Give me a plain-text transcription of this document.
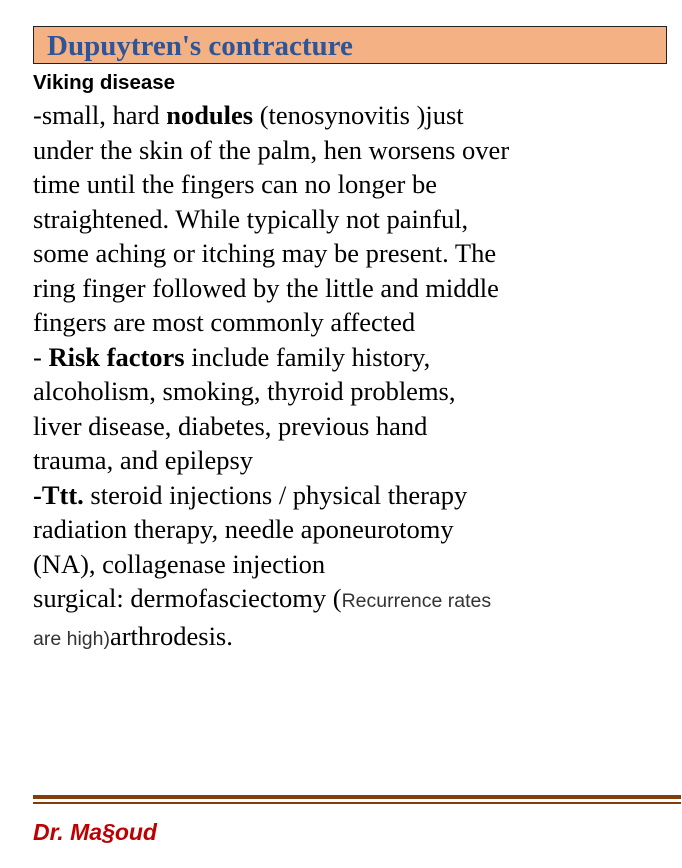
Dupuytren's contracture
Viking disease
-small, hard nodules (tenosynovitis )just
under the skin of the palm, hen worsens over
time until the fingers can no longer be
straightened. While typically not painful,
some aching or itching may be present. The
ring finger followed by the little and middle
fingers are most commonly affected
- Risk factors include family history,
alcoholism, smoking, thyroid problems,
liver disease, diabetes, previous hand
trauma, and epilepsy
-Ttt. steroid injections / physical therapy
radiation therapy, needle aponeurotomy
(NA), collagenase injection
surgical: dermofasciectomy (Recurrence rates
are high)arthrodesis.
Dr. Ma§oud
